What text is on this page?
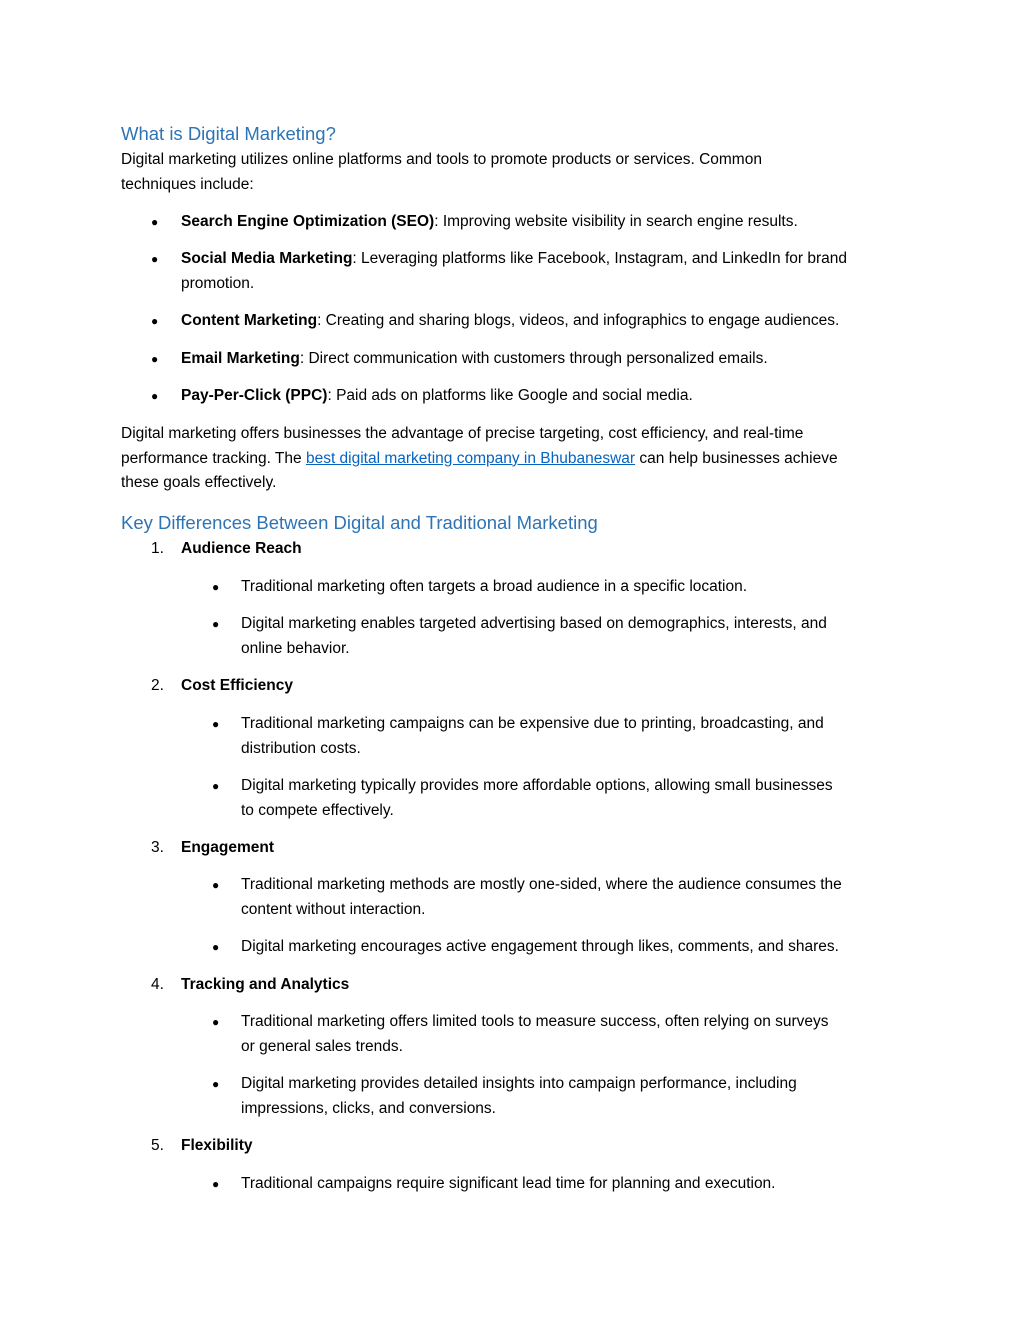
What is Digital Marketing?

Digital marketing utilizes online platforms and tools to promote products or services. Common
techniques include:

● Search Engine Optimization (SEO): Improving website visibility in search engine results.

● Social Media Marketing: Leveraging platforms like Facebook, Instagram, and LinkedIn for brand
promotion.

● Content Marketing: Creating and sharing blogs, videos, and infographics to engage audiences.

● Email Marketing: Direct communication with customers through personalized emails.

● Pay-Per-Click (PPC): Paid ads on platforms like Google and social media.

Digital marketing offers businesses the advantage of precise targeting, cost efficiency, and real-time
performance tracking. The best digital marketing company in Bhubaneswar can help businesses achieve
these goals effectively.

Key Differences Between Digital and Traditional Marketing
1. Audience Reach
● Traditional marketing often targets a broad audience in a specific location.

● Digital marketing enables targeted advertising based on demographics, interests, and
online behavior.

2. Cost Efficiency
● Traditional marketing campaigns can be expensive due to printing, broadcasting, and
distribution costs.

● Digital marketing typically provides more affordable options, allowing small businesses
to compete effectively.

3. Engagement
● Traditional marketing methods are mostly one-sided, where the audience consumes the
content without interaction.

● Digital marketing encourages active engagement through likes, comments, and shares.

4. Tracking and Analytics
● Traditional marketing offers limited tools to measure success, often relying on surveys
or general sales trends.

● Digital marketing provides detailed insights into campaign performance, including
impressions, clicks, and conversions.

5. Flexibility
● Traditional campaigns require significant lead time for planning and execution.
